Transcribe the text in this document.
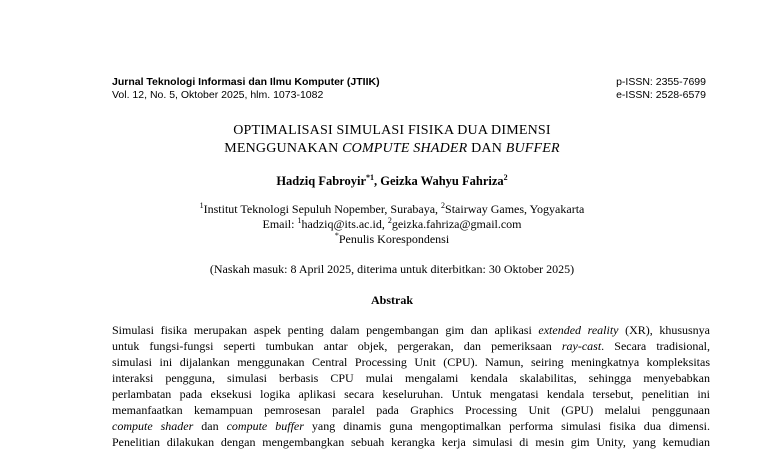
Jurnal Teknologi Informasi dan Ilmu Komputer (JTIIK)
Vol. 12, No. 5, Oktober 2025, hlm. 1073-1082
p-ISSN: 2355-7699
e-ISSN: 2528-6579
OPTIMALISASI SIMULASI FISIKA DUA DIMENSI
MENGGUNAKAN COMPUTE SHADER DAN BUFFER
Hadziq Fabroyir$^{*1}$, Geizka Wahyu Fahriza$^2$
$^1$Institut Teknologi Sepuluh Nopember, Surabaya, $^2$Stairway Games, Yogyakarta
Email: $^1$hadziq@its.ac.id, $^2$geizka.fahriza@gmail.com
*Penulis Korespondensi
(Naskah masuk: 8 April 2025, diterima untuk diterbitkan: 30 Oktober 2025)
Abstrak
Simulasi fisika merupakan aspek penting dalam pengembangan gim dan aplikasi extended reality (XR), khususnya
untuk fungsi-fungsi seperti tumbukan antar objek, pergerakan, dan pemeriksaan ray-cast. Secara tradisional,
simulasi ini dijalankan menggunakan Central Processing Unit (CPU). Namun, seiring meningkatnya kompleksitas
interaksi pengguna, simulasi berbasis CPU mulai mengalami kendala skalabilitas, sehingga menyebabkan
perlambatan pada eksekusi logika aplikasi secara keseluruhan. Untuk mengatasi kendala tersebut, penelitian ini
memanfaatkan kemampuan pemrosesan paralel pada Graphics Processing Unit (GPU) melalui penggunaan
compute shader dan compute buffer yang dinamis guna mengoptimalkan performa simulasi fisika dua dimensi.
Penelitian dilakukan dengan mengembangkan sebuah kerangka kerja simulasi di mesin gim Unity, yang kemudian
